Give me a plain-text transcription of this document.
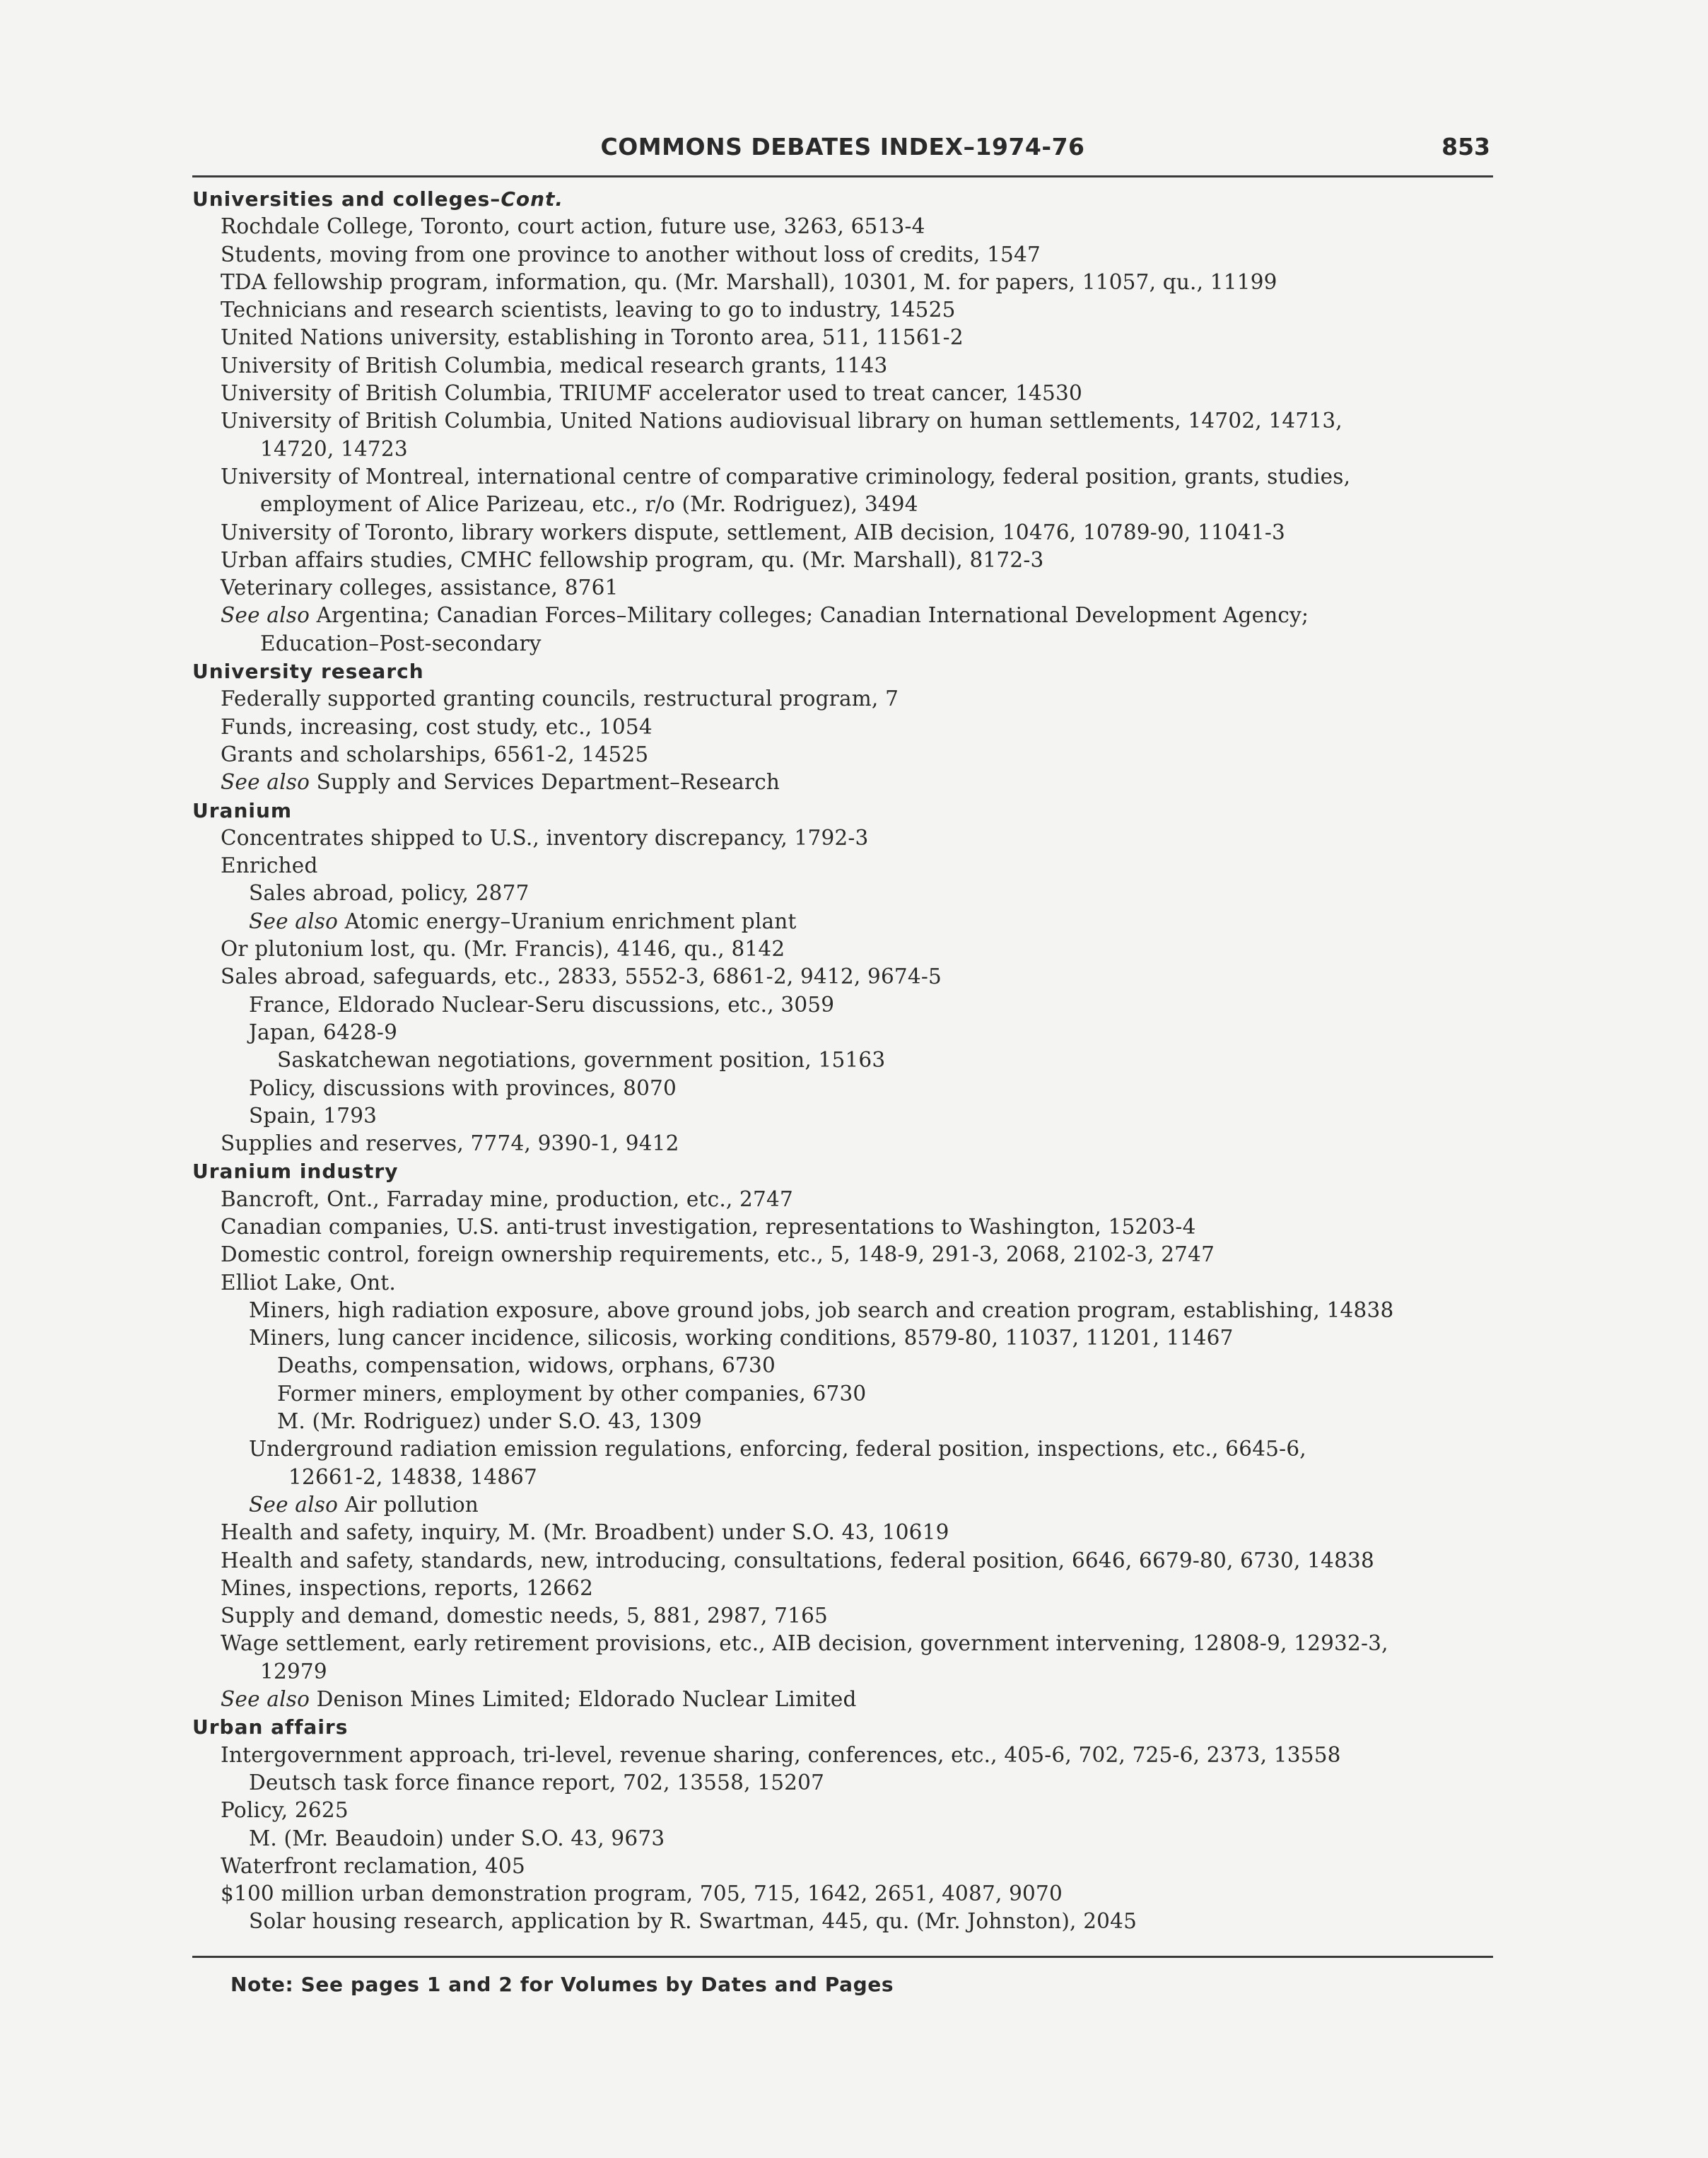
COMMONS DEBATES INDEX–1974-76	853
Universities and colleges–Cont.
Rochdale College, Toronto, court action, future use, 3263, 6513-4
Students, moving from one province to another without loss of credits, 1547
TDA fellowship program, information, qu. (Mr. Marshall), 10301, M. for papers, 11057, qu., 11199
Technicians and research scientists, leaving to go to industry, 14525
United Nations university, establishing in Toronto area, 511, 11561-2
University of British Columbia, medical research grants, 1143
University of British Columbia, TRIUMF accelerator used to treat cancer, 14530
University of British Columbia, United Nations audiovisual library on human settlements, 14702, 14713,
14720, 14723
University of Montreal, international centre of comparative criminology, federal position, grants, studies,
employment of Alice Parizeau, etc., r/o (Mr. Rodriguez), 3494
University of Toronto, library workers dispute, settlement, AIB decision, 10476, 10789-90, 11041-3
Urban affairs studies, CMHC fellowship program, qu. (Mr. Marshall), 8172-3
Veterinary colleges, assistance, 8761
See also Argentina; Canadian Forces–Military colleges; Canadian International Development Agency;
Education–Post-secondary
University research
Federally supported granting councils, restructural program, 7
Funds, increasing, cost study, etc., 1054
Grants and scholarships, 6561-2, 14525
See also Supply and Services Department–Research
Uranium
Concentrates shipped to U.S., inventory discrepancy, 1792-3
Enriched
Sales abroad, policy, 2877
See also Atomic energy–Uranium enrichment plant
Or plutonium lost, qu. (Mr. Francis), 4146, qu., 8142
Sales abroad, safeguards, etc., 2833, 5552-3, 6861-2, 9412, 9674-5
France, Eldorado Nuclear-Seru discussions, etc., 3059
Japan, 6428-9
Saskatchewan negotiations, government position, 15163
Policy, discussions with provinces, 8070
Spain, 1793
Supplies and reserves, 7774, 9390-1, 9412
Uranium industry
Bancroft, Ont., Farraday mine, production, etc., 2747
Canadian companies, U.S. anti-trust investigation, representations to Washington, 15203-4
Domestic control, foreign ownership requirements, etc., 5, 148-9, 291-3, 2068, 2102-3, 2747
Elliot Lake, Ont.
Miners, high radiation exposure, above ground jobs, job search and creation program, establishing, 14838
Miners, lung cancer incidence, silicosis, working conditions, 8579-80, 11037, 11201, 11467
Deaths, compensation, widows, orphans, 6730
Former miners, employment by other companies, 6730
M. (Mr. Rodriguez) under S.O. 43, 1309
Underground radiation emission regulations, enforcing, federal position, inspections, etc., 6645-6,
12661-2, 14838, 14867
See also Air pollution
Health and safety, inquiry, M. (Mr. Broadbent) under S.O. 43, 10619
Health and safety, standards, new, introducing, consultations, federal position, 6646, 6679-80, 6730, 14838
Mines, inspections, reports, 12662
Supply and demand, domestic needs, 5, 881, 2987, 7165
Wage settlement, early retirement provisions, etc., AIB decision, government intervening, 12808-9, 12932-3,
12979
See also Denison Mines Limited; Eldorado Nuclear Limited
Urban affairs
Intergovernment approach, tri-level, revenue sharing, conferences, etc., 405-6, 702, 725-6, 2373, 13558
Deutsch task force finance report, 702, 13558, 15207
Policy, 2625
M. (Mr. Beaudoin) under S.O. 43, 9673
Waterfront reclamation, 405
$100 million urban demonstration program, 705, 715, 1642, 2651, 4087, 9070
Solar housing research, application by R. Swartman, 445, qu. (Mr. Johnston), 2045
Note: See pages 1 and 2 for Volumes by Dates and Pages
